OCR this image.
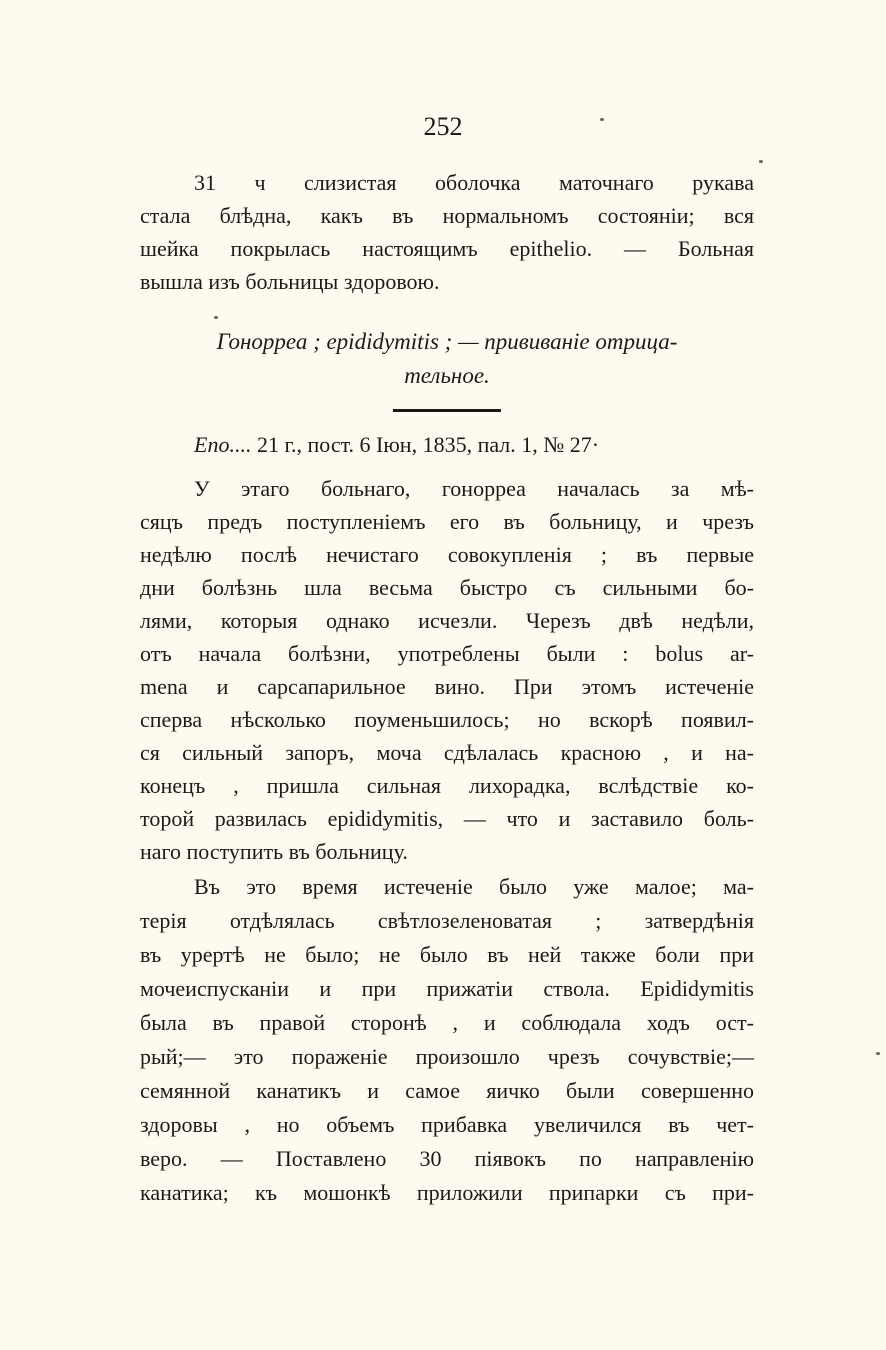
252
31 ч слизистая оболочка маточнаго рукава
стала блѣдна, какъ въ нормальномъ состояніи; вся
шейка покрылась настоящимъ epithelio. — Больная
вышла изъ больницы здоровою.
Гонорреа ; epididymitis ; — прививаніе отрица-
тельное.
Епо.... 21 г., пост. 6 Іюн, 1835, пал. 1, № 27·
У этаго больнаго, гонорреа началась за мѣ-
сяцъ предъ поступленіемъ его въ больницу, и чрезъ
недѣлю послѣ нечистаго совокупленія ; въ первые
дни болѣзнь шла весьма быстро съ сильными бо-
лями, которыя однако исчезли. Черезъ двѣ недѣли,
отъ начала болѣзни, употреблены были : bolus ar-
mena и сарсапарильное вино. При этомъ истеченіе
сперва нѣсколько поуменьшилось; но вскорѣ появил-
ся сильный запоръ, моча сдѣлалась красною , и на-
конецъ , пришла сильная лихорадка, вслѣдствіе ко-
торой развилась epididymitis, — что и заставило боль-
наго поступить въ больницу.
Въ это время истеченіе было уже малое; ма-
терія отдѣлялась свѣтлозеленоватая ; затвердѣнія
въ урертѣ не было; не было въ ней также боли при
мочеиспусканіи и при прижатіи ствола. Epididymitis
была въ правой сторонѣ , и соблюдала ходъ ост-
рый;— это пораженіе произошло чрезъ сочувствіе;—
семянной канатикъ и самое яичко были совершенно
здоровы , но объемъ прибавка увеличился въ чет-
веро. — Поставлено 30 піявокъ по направленію
канатика; къ мошонкѣ приложили припарки съ при-
